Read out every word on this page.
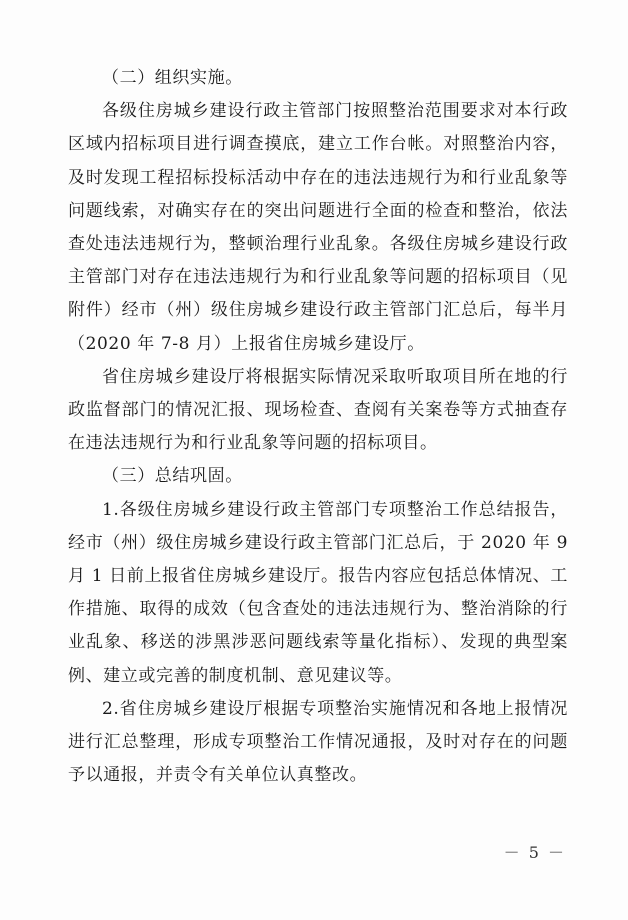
（二）组织实施。

各级住房城乡建设行政主管部门按照整治范围要求对本行政区域内招标项目进行调查摸底，建立工作台帐。对照整治内容，及时发现工程招标投标活动中存在的违法违规行为和行业乱象等问题线索，对确实存在的突出问题进行全面的检查和整治，依法查处违法违规行为，整顿治理行业乱象。各级住房城乡建设行政主管部门对存在违法违规行为和行业乱象等问题的招标项目（见附件）经市（州）级住房城乡建设行政主管部门汇总后，每半月（2020 年 7-8 月）上报省住房城乡建设厅。

省住房城乡建设厅将根据实际情况采取听取项目所在地的行政监督部门的情况汇报、现场检查、查阅有关案卷等方式抽查存在违法违规行为和行业乱象等问题的招标项目。

（三）总结巩固。

1.各级住房城乡建设行政主管部门专项整治工作总结报告，经市（州）级住房城乡建设行政主管部门汇总后，于 2020 年 9 月 1 日前上报省住房城乡建设厅。报告内容应包括总体情况、工作措施、取得的成效（包含查处的违法违规行为、整治消除的行业乱象、移送的涉黑涉恶问题线索等量化指标）、发现的典型案例、建立或完善的制度机制、意见建议等。

2.省住房城乡建设厅根据专项整治实施情况和各地上报情况进行汇总整理，形成专项整治工作情况通报，及时对存在的问题予以通报，并责令有关单位认真整改。

－ 5 －
